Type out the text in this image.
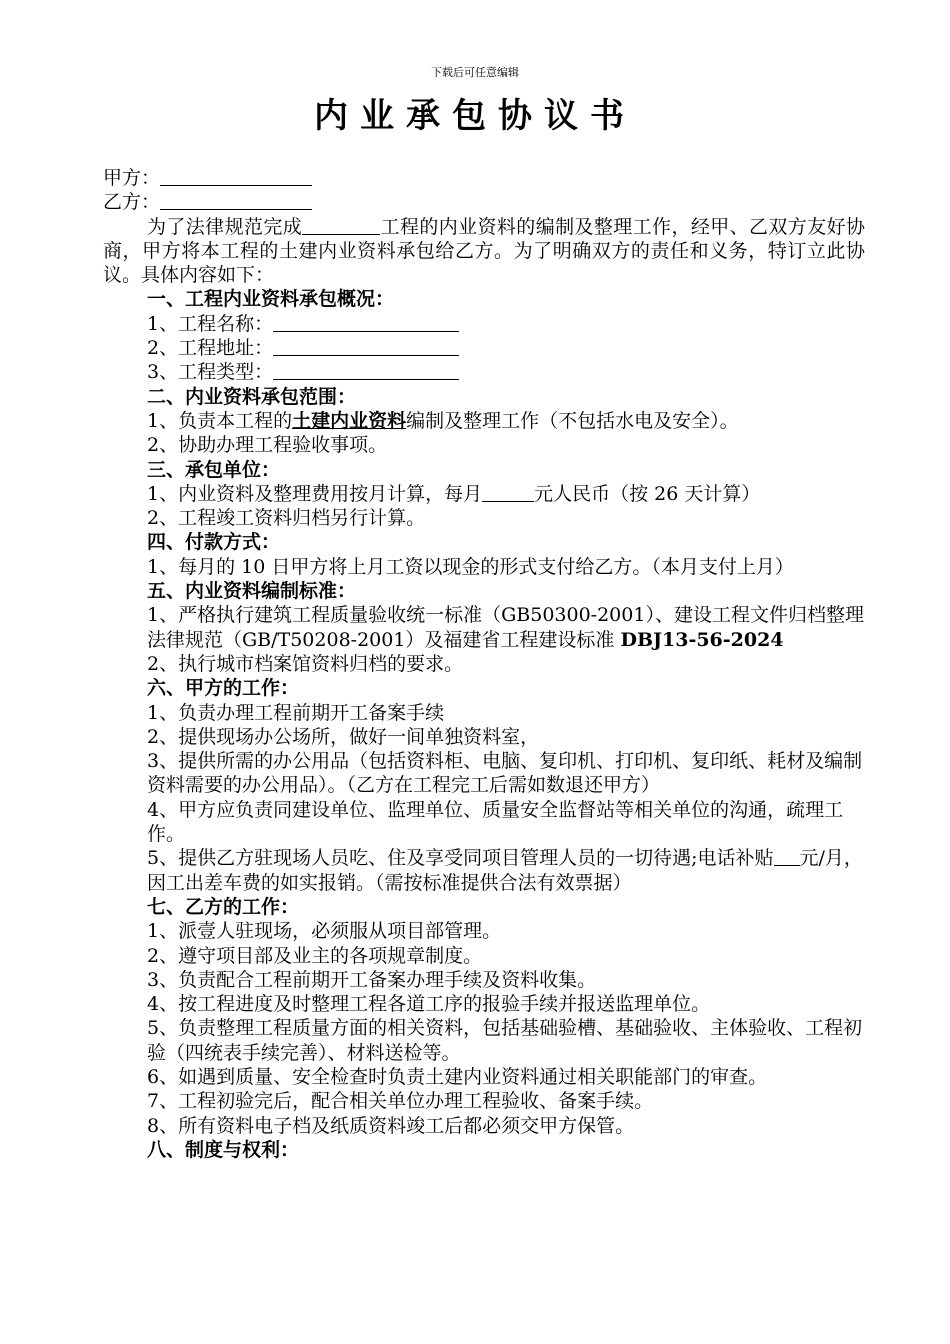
下载后可任意编辑
内业承包协议书
甲方：
乙方：
为了法律规范完成	工程的内业资料的编制及整理工作，经甲、乙双方友好协商，甲方将本工程的土建内业资料承包给乙方。为了明确双方的责任和义务，特订立此协议。具体内容如下：
一、工程内业资料承包概况：
1、工程名称：
2、工程地址：
3、工程类型：
二、内业资料承包范围：
1、负责本工程的土建内业资料编制及整理工作（不包括水电及安全）。
2、协助办理工程验收事项。
三、承包单位：
1、内业资料及整理费用按月计算，每月	元人民币（按 26 天计算）
2、工程竣工资料归档另行计算。
四、付款方式：
1、每月的 10 日甲方将上月工资以现金的形式支付给乙方。（本月支付上月）
五、内业资料编制标准：
1、严格执行建筑工程质量验收统一标准（GB50300-2001）、建设工程文件归档整理法律规范（GB/T50208-2001）及福建省工程建设标准 DBJ13-56-2024
2、执行城市档案馆资料归档的要求。
六、甲方的工作：
1、负责办理工程前期开工备案手续
2、提供现场办公场所，做好一间单独资料室，
3、提供所需的办公用品（包括资料柜、电脑、复印机、打印机、复印纸、耗材及编制资料需要的办公用品）。（乙方在工程完工后需如数退还甲方）
4、甲方应负责同建设单位、监理单位、质量安全监督站等相关单位的沟通，疏理工作。
5、提供乙方驻现场人员吃、住及享受同项目管理人员的一切待遇;电话补贴 元/月，因工出差车费的如实报销。（需按标准提供合法有效票据）
七、乙方的工作：
1、派壹人驻现场，必须服从项目部管理。
2、遵守项目部及业主的各项规章制度。
3、负责配合工程前期开工备案办理手续及资料收集。
4、按工程进度及时整理工程各道工序的报验手续并报送监理单位。
5、负责整理工程质量方面的相关资料，包括基础验槽、基础验收、主体验收、工程初验（四统表手续完善）、材料送检等。
6、如遇到质量、安全检查时负责土建内业资料通过相关职能部门的审查。
7、工程初验完后，配合相关单位办理工程验收、备案手续。
8、所有资料电子档及纸质资料竣工后都必须交甲方保管。
八、制度与权利：
